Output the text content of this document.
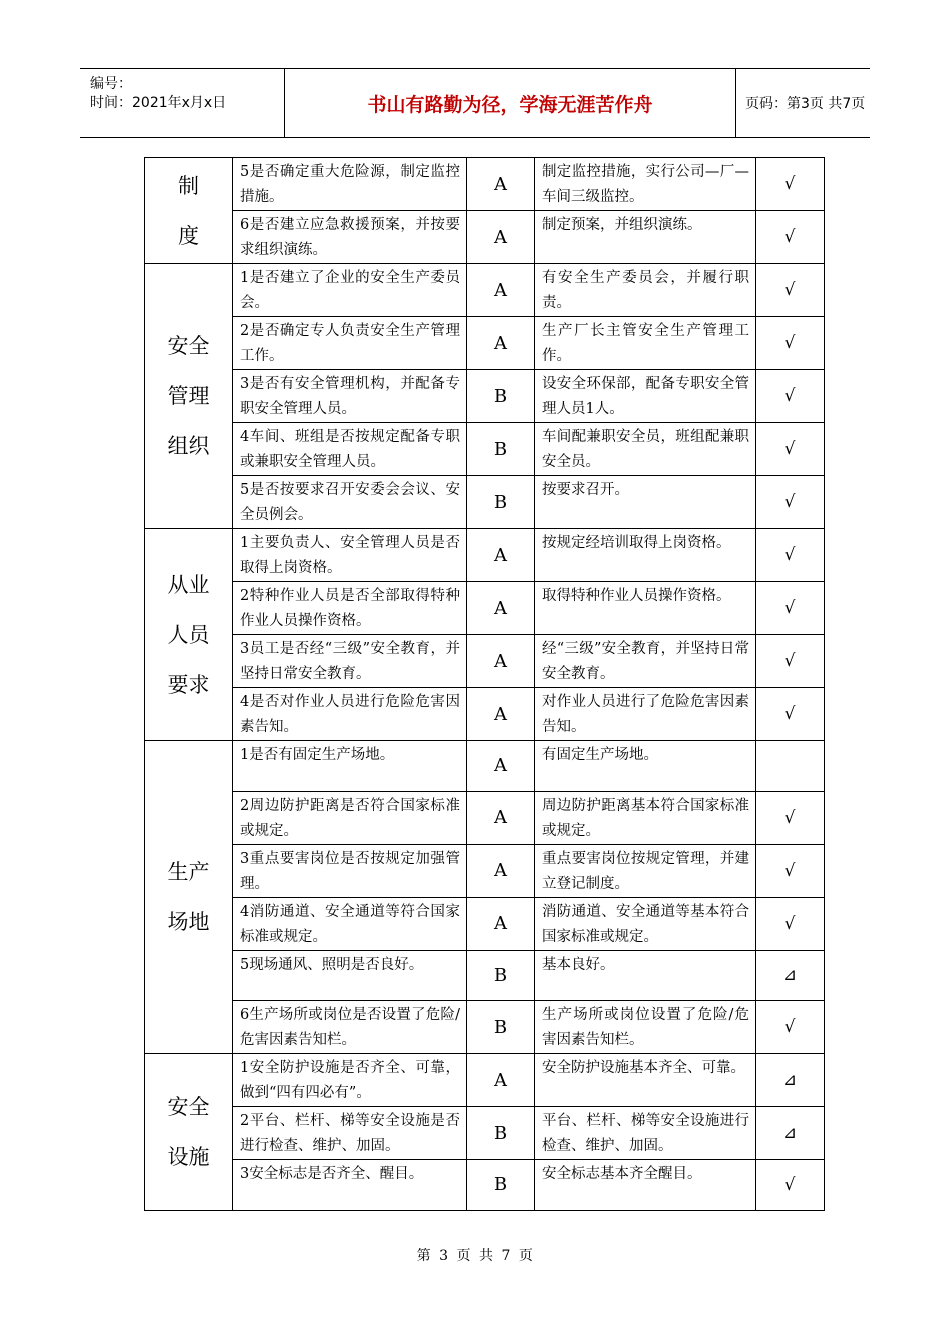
编号：
时间：2021年x月x日	书山有路勤为径，学海无涯苦作舟	页码：第3页 共7页
制
度	5是否确定重大危险源，制定监控措施。	A	制定监控措施，实行公司—厂—车间三级监控。	√
	6是否建立应急救援预案，并按要求组织演练。	A	制定预案，并组织演练。	√
安全
管理
组织	1是否建立了企业的安全生产委员会。	A	有安全生产委员会，并履行职责。	√
	2是否确定专人负责安全生产管理工作。	A	生产厂长主管安全生产管理工作。	√
	3是否有安全管理机构，并配备专职安全管理人员。	B	设安全环保部，配备专职安全管理人员1人。	√
	4车间、班组是否按规定配备专职或兼职安全管理人员。	B	车间配兼职安全员，班组配兼职安全员。	√
	5是否按要求召开安委会会议、安全员例会。	B	按要求召开。	√
从业
人员
要求	1主要负责人、安全管理人员是否取得上岗资格。	A	按规定经培训取得上岗资格。	√
	2特种作业人员是否全部取得特种作业人员操作资格。	A	取得特种作业人员操作资格。	√
	3员工是否经“三级”安全教育，并坚持日常安全教育。	A	经“三级”安全教育，并坚持日常安全教育。	√
	4是否对作业人员进行危险危害因素告知。	A	对作业人员进行了危险危害因素告知。	√
生产
场地	1是否有固定生产场地。	A	有固定生产场地。	
	2周边防护距离是否符合国家标准或规定。	A	周边防护距离基本符合国家标准或规定。	√
	3重点要害岗位是否按规定加强管理。	A	重点要害岗位按规定管理，并建立登记制度。	√
	4消防通道、安全通道等符合国家标准或规定。	A	消防通道、安全通道等基本符合国家标准或规定。	√
	5现场通风、照明是否良好。	B	基本良好。	⊿
	6生产场所或岗位是否设置了危险/危害因素告知栏。	B	生产场所或岗位设置了危险/危害因素告知栏。	√
安全
设施	1安全防护设施是否齐全、可靠，做到“四有四必有”。	A	安全防护设施基本齐全、可靠。	⊿
	2平台、栏杆、梯等安全设施是否进行检查、维护、加固。	B	平台、栏杆、梯等安全设施进行检查、维护、加固。	⊿
	3安全标志是否齐全、醒目。	B	安全标志基本齐全醒目。	√
第 3 页 共 7 页
